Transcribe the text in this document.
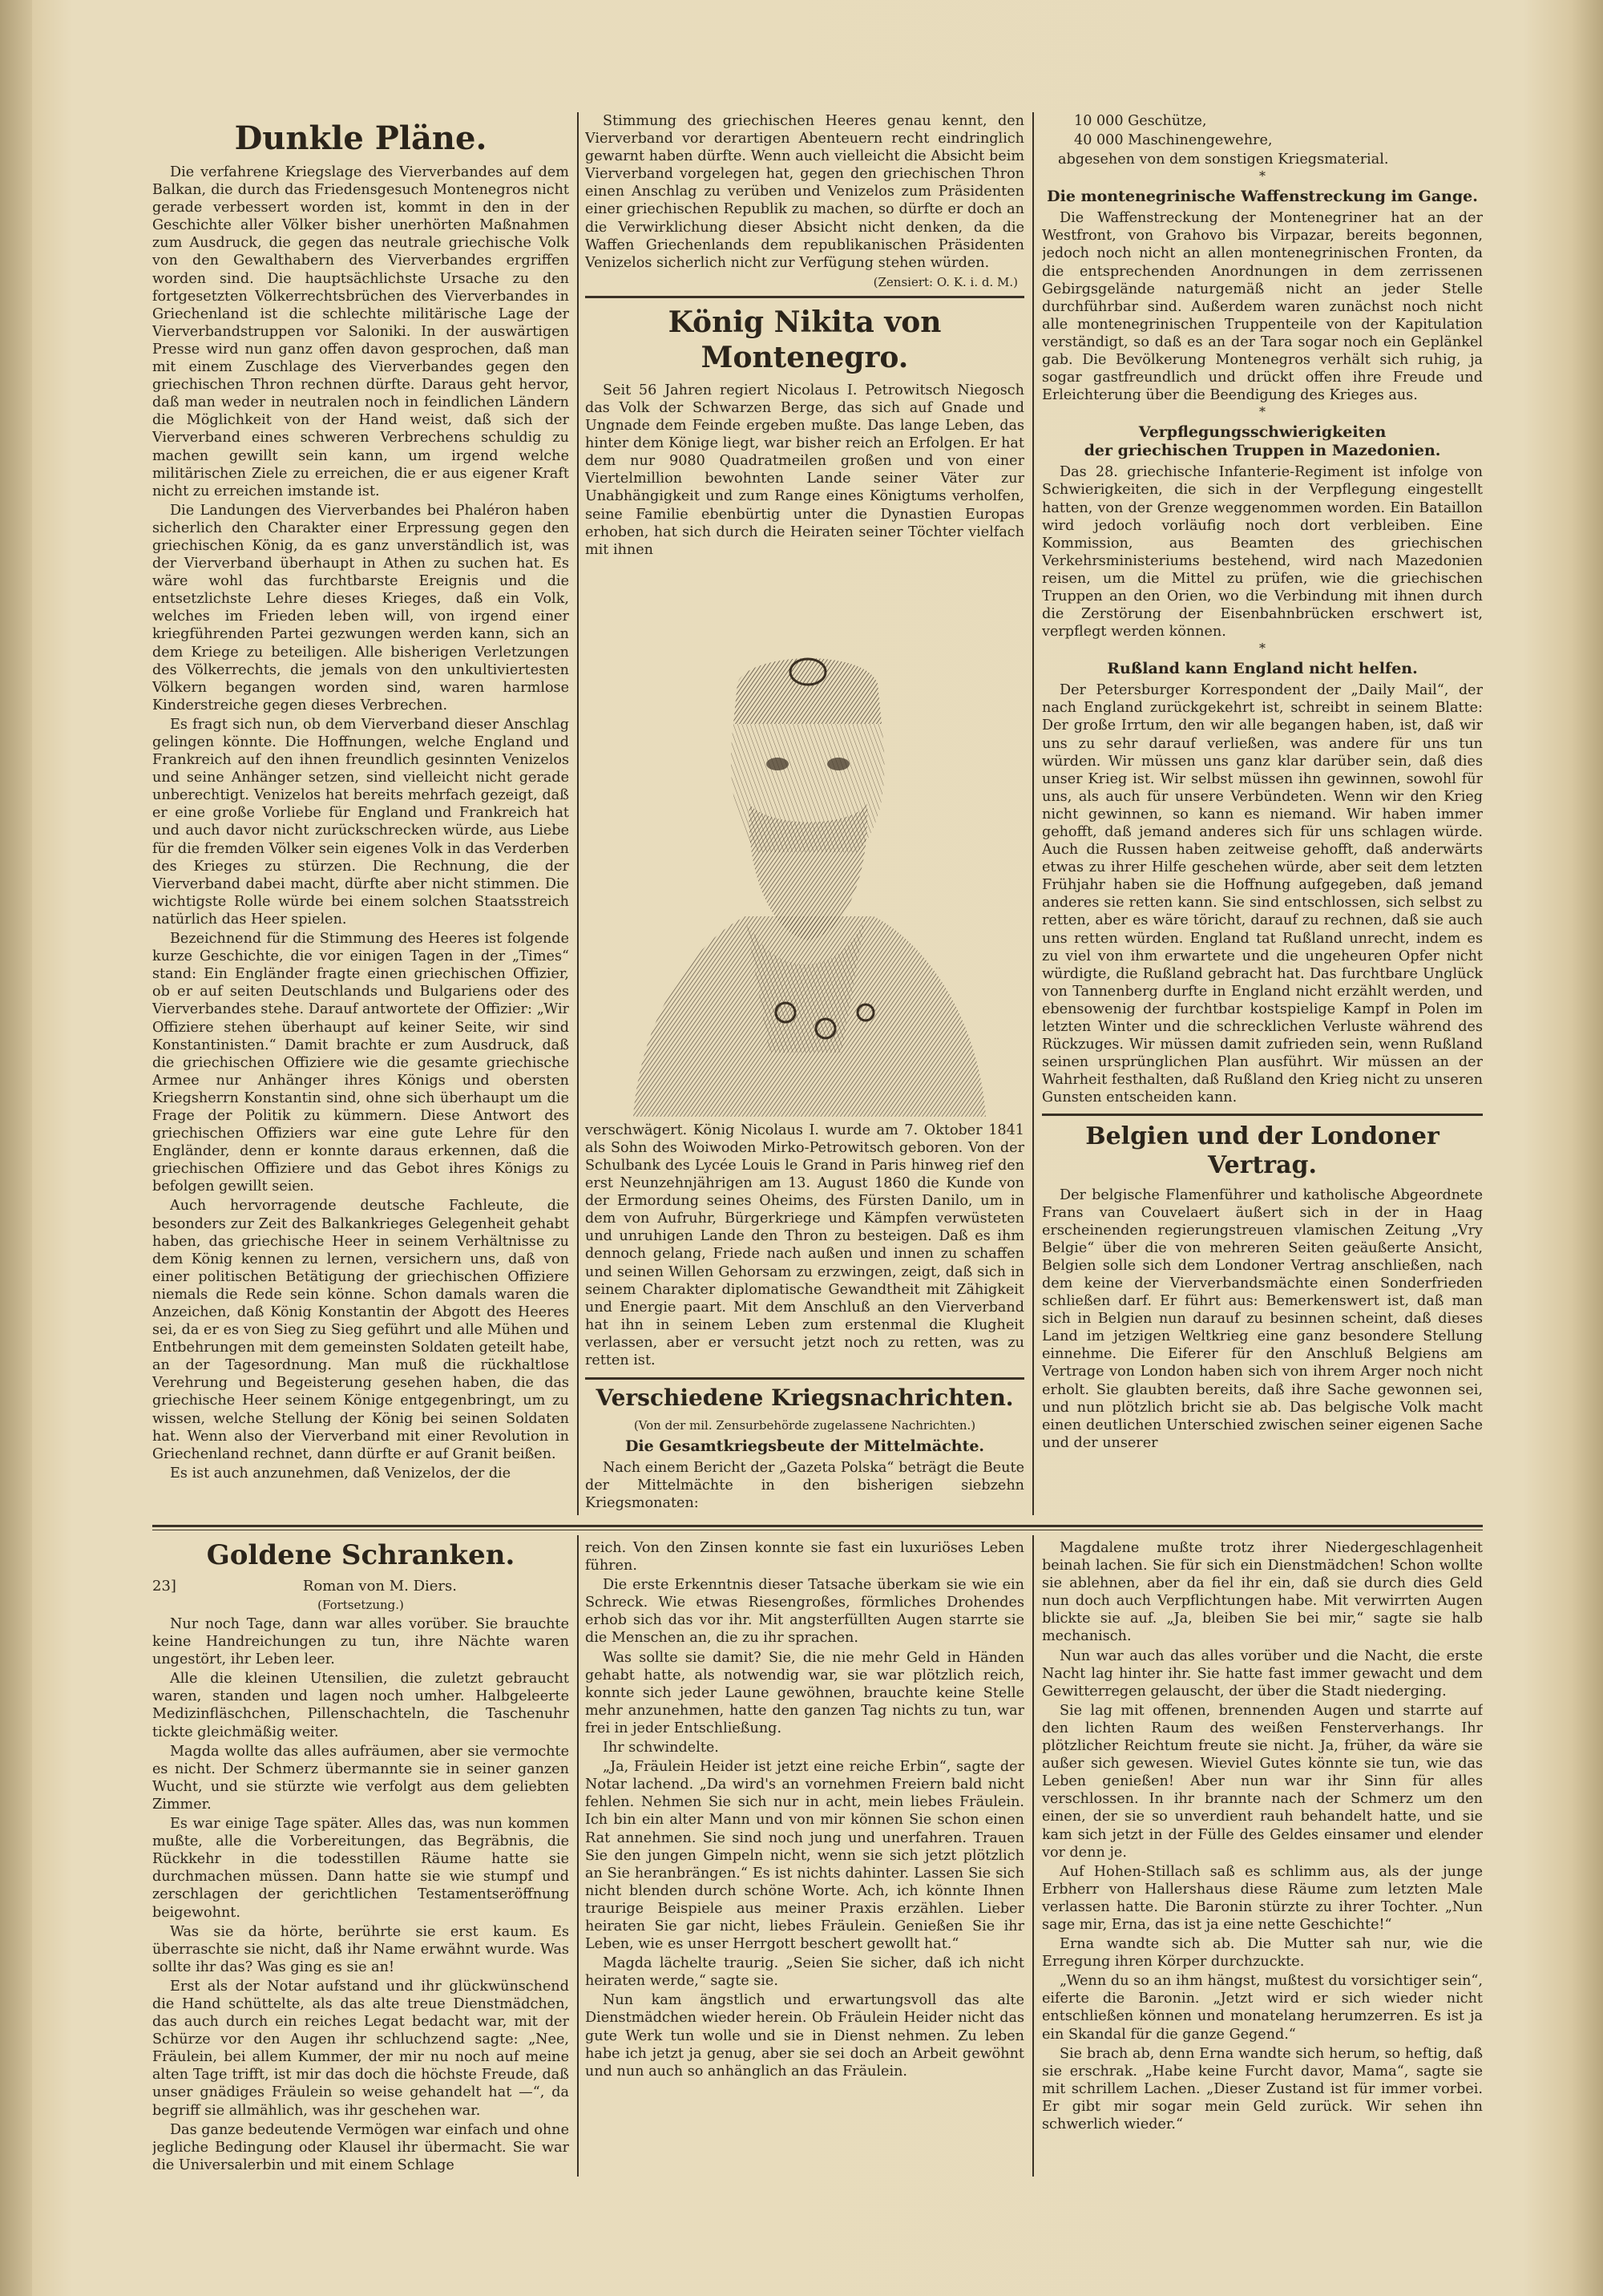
Dunkle Pläne.

Die verfahrene Kriegslage des Vierverbandes auf dem Balkan, die durch das Friedensgesuch Montenegros nicht gerade verbessert worden ist, kommt in den in der Geschichte aller Völker bisher unerhörten Maßnahmen zum Ausdruck, die gegen das neutrale griechische Volk von den Gewalthabern des Vierverbandes ergriffen worden sind. Die hauptsächlichste Ursache zu den fortgesetzten Völkerrechtsbrüchen des Vierverbandes in Griechenland ist die schlechte militärische Lage der Vierverbandstruppen vor Saloniki. In der auswärtigen Presse wird nun ganz offen davon gesprochen, daß man mit einem Zuschlage des Vierverbandes gegen den griechischen Thron rechnen dürfte. Daraus geht hervor, daß man weder in neutralen noch in feindlichen Ländern die Möglichkeit von der Hand weist, daß sich der Vierverband eines schweren Verbrechens schuldig zu machen gewillt sein kann, um irgend welche militärischen Ziele zu erreichen, die er aus eigener Kraft nicht zu erreichen imstande ist.

Die Landungen des Vierverbandes bei Phaléron haben sicherlich den Charakter einer Erpressung gegen den griechischen König, da es ganz unverständlich ist, was der Vierverband überhaupt in Athen zu suchen hat. Es wäre wohl das furchtbarste Ereignis und die entsetzlichste Lehre dieses Krieges, daß ein Volk, welches im Frieden leben will, von irgend einer kriegführenden Partei gezwungen werden kann, sich an dem Kriege zu beteiligen. Alle bisherigen Verletzungen des Völkerrechts, die jemals von den unkultiviertesten Völkern begangen worden sind, waren harmlose Kinderstreiche gegen dieses Verbrechen.

Es fragt sich nun, ob dem Vierverband dieser Anschlag gelingen könnte. Die Hoffnungen, welche England und Frankreich auf den ihnen freundlich gesinnten Venizelos und seine Anhänger setzen, sind vielleicht nicht gerade unberechtigt. Venizelos hat bereits mehrfach gezeigt, daß er eine große Vorliebe für England und Frankreich hat und auch davor nicht zurückschrecken würde, aus Liebe für die fremden Völker sein eigenes Volk in das Verderben des Krieges zu stürzen. Die Rechnung, die der Vierverband dabei macht, dürfte aber nicht stimmen. Die wichtigste Rolle würde bei einem solchen Staatsstreich natürlich das Heer spielen.

Bezeichnend für die Stimmung des Heeres ist folgende kurze Geschichte, die vor einigen Tagen in der „Times“ stand: Ein Engländer fragte einen griechischen Offizier, ob er auf seiten Deutschlands und Bulgariens oder des Vierverbandes stehe. Darauf antwortete der Offizier: „Wir Offiziere stehen überhaupt auf keiner Seite, wir sind Konstantinisten.“ Damit brachte er zum Ausdruck, daß die griechischen Offiziere wie die gesamte griechische Armee nur Anhänger ihres Königs und obersten Kriegsherrn Konstantin sind, ohne sich überhaupt um die Frage der Politik zu kümmern. Diese Antwort des griechischen Offiziers war eine gute Lehre für den Engländer, denn er konnte daraus erkennen, daß die griechischen Offiziere und das Gebot ihres Königs zu befolgen gewillt seien.

Auch hervorragende deutsche Fachleute, die besonders zur Zeit des Balkankrieges Gelegenheit gehabt haben, das griechische Heer in seinem Verhältnisse zu dem König kennen zu lernen, versichern uns, daß von einer politischen Betätigung der griechischen Offiziere niemals die Rede sein könne. Schon damals waren die Anzeichen, daß König Konstantin der Abgott des Heeres sei, da er es von Sieg zu Sieg geführt und alle Mühen und Entbehrungen mit dem gemeinsten Soldaten geteilt habe, an der Tagesordnung. Man muß die rückhaltlose Verehrung und Begeisterung gesehen haben, die das griechische Heer seinem Könige entgegenbringt, um zu wissen, welche Stellung der König bei seinen Soldaten hat. Wenn also der Vierverband mit einer Revolution in Griechenland rechnet, dann dürfte er auf Granit beißen.

Es ist auch anzunehmen, daß Venizelos, der die

Stimmung des griechischen Heeres genau kennt, den Vierverband vor derartigen Abenteuern recht eindringlich gewarnt haben dürfte. Wenn auch vielleicht die Absicht beim Vierverband vorgelegen hat, gegen den griechischen Thron einen Anschlag zu verüben und Venizelos zum Präsidenten einer griechischen Republik zu machen, so dürfte er doch an die Verwirklichung dieser Absicht nicht denken, da die Waffen Griechenlands dem republikanischen Präsidenten Venizelos sicherlich nicht zur Verfügung stehen würden.

(Zensiert: O. K. i. d. M.)
König Nikita von Montenegro.

Seit 56 Jahren regiert Nicolaus I. Petrowitsch Niegosch das Volk der Schwarzen Berge, das sich auf Gnade und Ungnade dem Feinde ergeben mußte. Das lange Leben, das hinter dem Könige liegt, war bisher reich an Erfolgen. Er hat dem nur 9080 Quadratmeilen großen und von einer Viertelmillion bewohnten Lande seiner Väter zur Unabhängigkeit und zum Range eines Königtums verholfen, seine Familie ebenbürtig unter die Dynastien Europas erhoben, hat sich durch die Heiraten seiner Töchter vielfach mit ihnen

verschwägert. König Nicolaus I. wurde am 7. Oktober 1841 als Sohn des Woiwoden Mirko-Petrowitsch geboren. Von der Schulbank des Lycée Louis le Grand in Paris hinweg rief den erst Neunzehnjährigen am 13. August 1860 die Kunde von der Ermordung seines Oheims, des Fürsten Danilo, um in dem von Aufruhr, Bürgerkriege und Kämpfen verwüsteten und unruhigen Lande den Thron zu besteigen. Daß es ihm dennoch gelang, Friede nach außen und innen zu schaffen und seinen Willen Gehorsam zu erzwingen, zeigt, daß sich in seinem Charakter diplomatische Gewandtheit mit Zähigkeit und Energie paart. Mit dem Anschluß an den Vierverband hat ihn in seinem Leben zum erstenmal die Klugheit verlassen, aber er versucht jetzt noch zu retten, was zu retten ist.

Verschiedene Kriegsnachrichten.
(Von der mil. Zensurbehörde zugelassene Nachrichten.)
Die Gesamtkriegsbeute der Mittelmächte.

Nach einem Bericht der „Gazeta Polska“ beträgt die Beute der Mittelmächte in den bisherigen siebzehn Kriegsmonaten:

10 000 Geschütze,

40 000 Maschinengewehre,

abgesehen von dem sonstigen Kriegsmaterial.

*
Die montenegrinische Waffenstreckung im Gange.

Die Waffenstreckung der Montenegriner hat an der Westfront, von Grahovo bis Virpazar, bereits begonnen, jedoch noch nicht an allen montenegrinischen Fronten, da die entsprechenden Anordnungen in dem zerrissenen Gebirgsgelände naturgemäß nicht an jeder Stelle durchführbar sind. Außerdem waren zunächst noch nicht alle montenegrinischen Truppenteile von der Kapitulation verständigt, so daß es an der Tara sogar noch ein Geplänkel gab. Die Bevölkerung Montenegros verhält sich ruhig, ja sogar gastfreundlich und drückt offen ihre Freude und Erleichterung über die Beendigung des Krieges aus.

*
Verpflegungsschwierigkeiten
der griechischen Truppen in Mazedonien.

Das 28. griechische Infanterie-Regiment ist infolge von Schwierigkeiten, die sich in der Verpflegung eingestellt hatten, von der Grenze weggenommen worden. Ein Bataillon wird jedoch vorläufig noch dort verbleiben. Eine Kommission, aus Beamten des griechischen Verkehrsministeriums bestehend, wird nach Mazedonien reisen, um die Mittel zu prüfen, wie die griechischen Truppen an den Orien, wo die Verbindung mit ihnen durch die Zerstörung der Eisenbahnbrücken erschwert ist, verpflegt werden können.

*
Rußland kann England nicht helfen.

Der Petersburger Korrespondent der „Daily Mail“, der nach England zurückgekehrt ist, schreibt in seinem Blatte: Der große Irrtum, den wir alle begangen haben, ist, daß wir uns zu sehr darauf verließen, was andere für uns tun würden. Wir müssen uns ganz klar darüber sein, daß dies unser Krieg ist. Wir selbst müssen ihn gewinnen, sowohl für uns, als auch für unsere Verbündeten. Wenn wir den Krieg nicht gewinnen, so kann es niemand. Wir haben immer gehofft, daß jemand anderes sich für uns schlagen würde. Auch die Russen haben zeitweise gehofft, daß anderwärts etwas zu ihrer Hilfe geschehen würde, aber seit dem letzten Frühjahr haben sie die Hoffnung aufgegeben, daß jemand anderes sie retten kann. Sie sind entschlossen, sich selbst zu retten, aber es wäre töricht, darauf zu rechnen, daß sie auch uns retten würden. England tat Rußland unrecht, indem es zu viel von ihm erwartete und die ungeheuren Opfer nicht würdigte, die Rußland gebracht hat. Das furchtbare Unglück von Tannenberg durfte in England nicht erzählt werden, und ebensowenig der furchtbar kostspielige Kampf in Polen im letzten Winter und die schrecklichen Verluste während des Rückzuges. Wir müssen damit zufrieden sein, wenn Rußland seinen ursprünglichen Plan ausführt. Wir müssen an der Wahrheit festhalten, daß Rußland den Krieg nicht zu unseren Gunsten entscheiden kann.

Belgien und der Londoner Vertrag.

Der belgische Flamenführer und katholische Abgeordnete Frans van Couvelaert äußert sich in der in Haag erscheinenden regierungstreuen vlamischen Zeitung „Vry Belgie“ über die von mehreren Seiten geäußerte Ansicht, Belgien solle sich dem Londoner Vertrag anschließen, nach dem keine der Vierverbandsmächte einen Sonderfrieden schließen darf. Er führt aus: Bemerkenswert ist, daß man sich in Belgien nun darauf zu besinnen scheint, daß dieses Land im jetzigen Weltkrieg eine ganz besondere Stellung einnehme. Die Eiferer für den Anschluß Belgiens am Vertrage von London haben sich von ihrem Arger noch nicht erholt. Sie glaubten bereits, daß ihre Sache gewonnen sei, und nun plötzlich bricht sie ab. Das belgische Volk macht einen deutlichen Unterschied zwischen seiner eigenen Sache und der unserer

Goldene Schranken.
23]	Roman von M. Diers.
(Fortsetzung.)

Nur noch Tage, dann war alles vorüber. Sie brauchte keine Handreichungen zu tun, ihre Nächte waren ungestört, ihr Leben leer.

Alle die kleinen Utensilien, die zuletzt gebraucht waren, standen und lagen noch umher. Halbgeleerte Medizinfläschchen, Pillenschachteln, die Taschenuhr tickte gleichmäßig weiter.

Magda wollte das alles aufräumen, aber sie vermochte es nicht. Der Schmerz übermannte sie in seiner ganzen Wucht, und sie stürzte wie verfolgt aus dem geliebten Zimmer.

Es war einige Tage später. Alles das, was nun kommen mußte, alle die Vorbereitungen, das Begräbnis, die Rückkehr in die todesstillen Räume hatte sie durchmachen müssen. Dann hatte sie wie stumpf und zerschlagen der gerichtlichen Testamentseröffnung beigewohnt.

Was sie da hörte, berührte sie erst kaum. Es überraschte sie nicht, daß ihr Name erwähnt wurde. Was sollte ihr das? Was ging es sie an!

Erst als der Notar aufstand und ihr glückwünschend die Hand schüttelte, als das alte treue Dienstmädchen, das auch durch ein reiches Legat bedacht war, mit der Schürze vor den Augen ihr schluchzend sagte: „Nee, Fräulein, bei allem Kummer, der mir nu noch auf meine alten Tage trifft, ist mir das doch die höchste Freude, daß unser gnädiges Fräulein so weise gehandelt hat —“, da begriff sie allmählich, was ihr geschehen war.

Das ganze bedeutende Vermögen war einfach und ohne jegliche Bedingung oder Klausel ihr übermacht. Sie war die Universalerbin und mit einem Schlage

reich. Von den Zinsen konnte sie fast ein luxuriöses Leben führen.

Die erste Erkenntnis dieser Tatsache überkam sie wie ein Schreck. Wie etwas Riesengroßes, förmliches Drohendes erhob sich das vor ihr. Mit angsterfüllten Augen starrte sie die Menschen an, die zu ihr sprachen.

Was sollte sie damit? Sie, die nie mehr Geld in Händen gehabt hatte, als notwendig war, sie war plötzlich reich, konnte sich jeder Laune gewöhnen, brauchte keine Stelle mehr anzunehmen, hatte den ganzen Tag nichts zu tun, war frei in jeder Entschließung.

Ihr schwindelte.

„Ja, Fräulein Heider ist jetzt eine reiche Erbin“, sagte der Notar lachend. „Da wird's an vornehmen Freiern bald nicht fehlen. Nehmen Sie sich nur in acht, mein liebes Fräulein. Ich bin ein alter Mann und von mir können Sie schon einen Rat annehmen. Sie sind noch jung und unerfahren. Trauen Sie den jungen Gimpeln nicht, wenn sie sich jetzt plötzlich an Sie heranbrängen.“ Es ist nichts dahinter. Lassen Sie sich nicht blenden durch schöne Worte. Ach, ich könnte Ihnen traurige Beispiele aus meiner Praxis erzählen. Lieber heiraten Sie gar nicht, liebes Fräulein. Genießen Sie ihr Leben, wie es unser Herrgott beschert gewollt hat.“

Magda lächelte traurig. „Seien Sie sicher, daß ich nicht heiraten werde,“ sagte sie.

Nun kam ängstlich und erwartungsvoll das alte Dienstmädchen wieder herein. Ob Fräulein Heider nicht das gute Werk tun wolle und sie in Dienst nehmen. Zu leben habe ich jetzt ja genug, aber sie sei doch an Arbeit gewöhnt und nun auch so anhänglich an das Fräulein.

Magdalene mußte trotz ihrer Niedergeschlagenheit beinah lachen. Sie für sich ein Dienstmädchen! Schon wollte sie ablehnen, aber da fiel ihr ein, daß sie durch dies Geld nun doch auch Verpflichtungen habe. Mit verwirrten Augen blickte sie auf. „Ja, bleiben Sie bei mir,“ sagte sie halb mechanisch.

Nun war auch das alles vorüber und die Nacht, die erste Nacht lag hinter ihr. Sie hatte fast immer gewacht und dem Gewitterregen gelauscht, der über die Stadt niederging.

Sie lag mit offenen, brennenden Augen und starrte auf den lichten Raum des weißen Fensterverhangs. Ihr plötzlicher Reichtum freute sie nicht. Ja, früher, da wäre sie außer sich gewesen. Wieviel Gutes könnte sie tun, wie das Leben genießen! Aber nun war ihr Sinn für alles verschlossen. In ihr brannte nach der Schmerz um den einen, der sie so unverdient rauh behandelt hatte, und sie kam sich jetzt in der Fülle des Geldes einsamer und elender vor denn je.

Auf Hohen-Stillach saß es schlimm aus, als der junge Erbherr von Hallershaus diese Räume zum letzten Male verlassen hatte. Die Baronin stürzte zu ihrer Tochter. „Nun sage mir, Erna, das ist ja eine nette Geschichte!“

Erna wandte sich ab. Die Mutter sah nur, wie die Erregung ihren Körper durchzuckte.

„Wenn du so an ihm hängst, mußtest du vorsichtiger sein“, eiferte die Baronin. „Jetzt wird er sich wieder nicht entschließen können und monatelang herumzerren. Es ist ja ein Skandal für die ganze Gegend.“

Sie brach ab, denn Erna wandte sich herum, so heftig, daß sie erschrak. „Habe keine Furcht davor, Mama“, sagte sie mit schrillem Lachen. „Dieser Zustand ist für immer vorbei. Er gibt mir sogar mein Geld zurück. Wir sehen ihn schwerlich wieder.“
